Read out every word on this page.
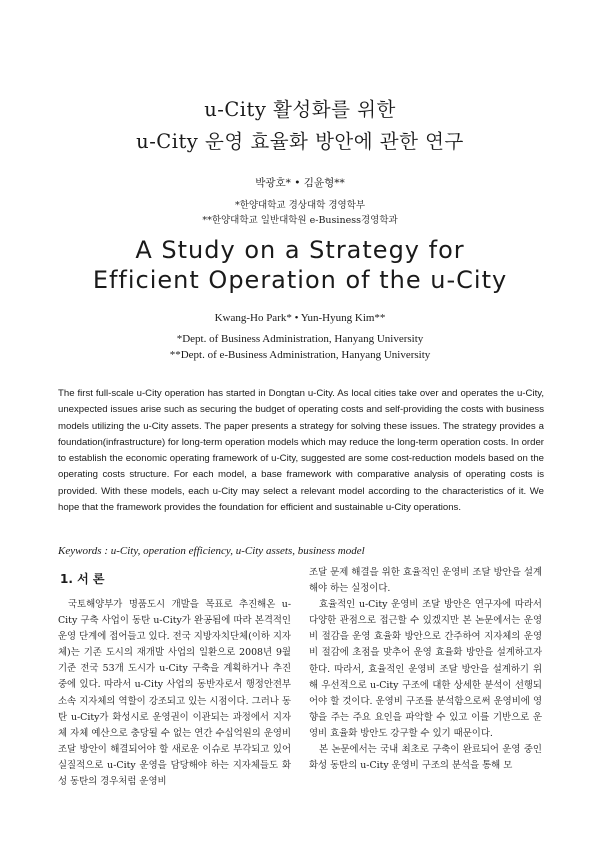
u-City 활성화를 위한
u-City 운영 효율화 방안에 관한 연구
박광호* • 김윤형**
*한양대학교 경상대학 경영학부
**한양대학교 일반대학원 e-Business경영학과
A Study on a Strategy for
Efficient Operation of the u-City
Kwang-Ho Park* • Yun-Hyung Kim**
*Dept. of Business Administration, Hanyang University
**Dept. of e-Business Administration, Hanyang University
The first full-scale u-City operation has started in Dongtan u-City. As local cities take over and operates the u-City, unexpected issues arise such as securing the budget of operating costs and self-providing the costs with business models utilizing the u-City assets. The paper presents a strategy for solving these issues. The strategy provides a foundation(infrastructure) for long-term operation models which may reduce the long-term operation costs. In order to establish the economic operating framework of u-City, suggested are some cost-reduction models based on the operating costs structure. For each model, a base framework with comparative analysis of operating costs is provided. With these models, each u-City may select a relevant model according to the characteristics of it. We hope that the framework provides the foundation for efficient and sustainable u-City operations.
Keywords : u-City, operation efficiency, u-City assets, business model
1. 서 론

국토해양부가 명품도시 개발을 목표로 추진해온 u-City 구축 사업이 동탄 u-City가 완공됨에 따라 본격적인 운영 단계에 접어들고 있다. 전국 지방자치단체(이하 지자체)는 기존 도시의 재개발 사업의 일환으로 2008년 9월 기준 전국 53개 도시가 u-City 구축을 계획하거나 추진 중에 있다. 따라서 u-City 사업의 동반자로서 행정안전부 소속 지자체의 역할이 강조되고 있는 시점이다. 그러나 동탄 u-City가 화성시로 운영권이 이관되는 과정에서 지자체 자체 예산으로 충당될 수 없는 연간 수십억원의 운영비 조달 방안이 해결되어야 할 새로운 이슈로 부각되고 있어 실질적으로 u-City 운영을 담당해야 하는 지자체들도 화성 동탄의 경우처럼 운영비

조달 문제 해결을 위한 효율적인 운영비 조달 방안을 설계해야 하는 실정이다.

효율적인 u-City 운영비 조달 방안은 연구자에 따라서 다양한 관점으로 접근할 수 있겠지만 본 논문에서는 운영비 절감을 운영 효율화 방안으로 간주하여 지자체의 운영비 절감에 초점을 맞추어 운영 효율화 방안을 설계하고자 한다. 따라서, 효율적인 운영비 조달 방안을 설계하기 위해 우선적으로 u-City 구조에 대한 상세한 분석이 선행되어야 할 것이다. 운영비 구조를 분석함으로써 운영비에 영향을 주는 주요 요인을 파악할 수 있고 이를 기반으로 운영비 효율화 방안도 강구할 수 있기 때문이다.

본 논문에서는 국내 최초로 구축이 완료되어 운영 중인 화성 동탄의 u-City 운영비 구조의 분석을 통해 모
